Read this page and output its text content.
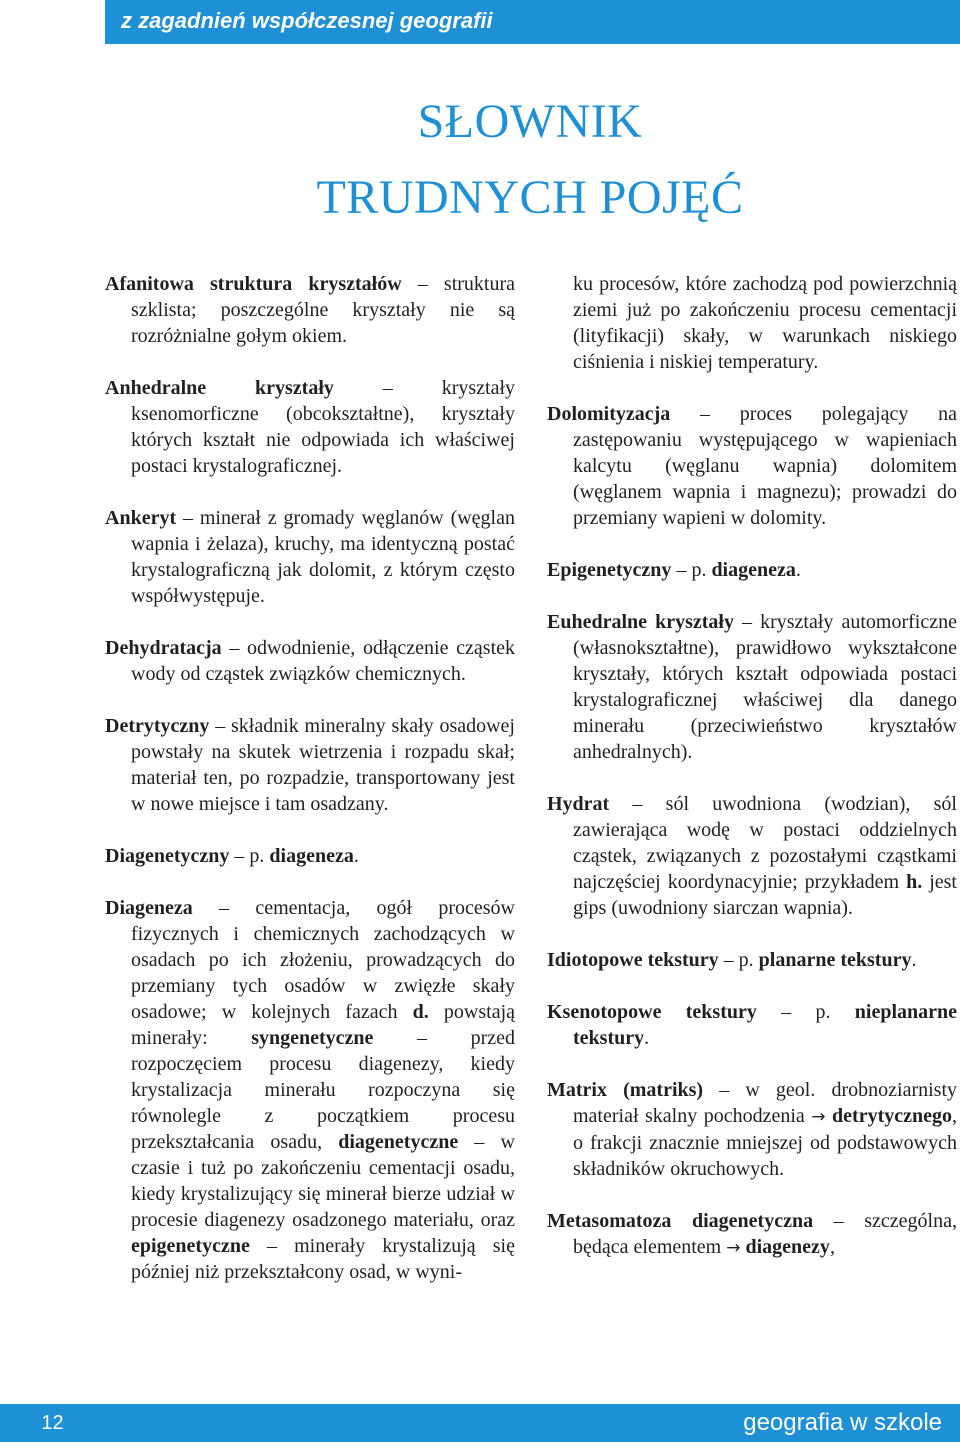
z zagadnień współczesnej geografii
SŁOWNIK
TRUDNYCH POJĘĆ

Afanitowa struktura kryształów – struktura szklista; poszczególne kryształy nie są rozróżnialne gołym okiem.

Anhedralne kryształy – kryształy ksenomorficzne (obcokształtne), kryształy których kształt nie odpowiada ich właściwej postaci krystalograficznej.

Ankeryt – minerał z gromady węglanów (węglan wapnia i żelaza), kruchy, ma identyczną postać krystalograficzną jak dolomit, z którym często współwystępuje.

Dehydratacja – odwodnienie, odłączenie cząstek wody od cząstek związków chemicznych.

Detrytyczny – składnik mineralny skały osadowej powstały na skutek wietrzenia i rozpadu skał; materiał ten, po rozpadzie, transportowany jest w nowe miejsce i tam osadzany.

Diagenetyczny – p. diageneza.

Diageneza – cementacja, ogół procesów fizycznych i chemicznych zachodzących w osadach po ich złożeniu, prowadzących do przemiany tych osadów w zwięzłe skały osadowe; w kolejnych fazach d. powstają minerały: syngenetyczne – przed rozpoczęciem procesu diagenezy, kiedy krystalizacja minerału rozpoczyna się równolegle z początkiem procesu przekształcania osadu, diagenetyczne – w czasie i tuż po zakończeniu cementacji osadu, kiedy krystalizujący się minerał bierze udział w procesie diagenezy osadzonego materiału, oraz epigenetyczne – minerały krystalizują się później niż przekształcony osad, w wyni-

ku procesów, które zachodzą pod powierzchnią ziemi już po zakończeniu procesu cementacji (lityfikacji) skały, w warunkach niskiego ciśnienia i niskiej temperatury.

Dolomityzacja – proces polegający na zastępowaniu występującego w wapieniach kalcytu (węglanu wapnia) dolomitem (węglanem wapnia i magnezu); prowadzi do przemiany wapieni w dolomity.

Epigenetyczny – p. diageneza.

Euhedralne kryształy – kryształy automorficzne (własnokształtne), prawidłowo wykształcone kryształy, których kształt odpowiada postaci krystalograficznej właściwej dla danego minerału (przeciwieństwo kryształów anhedralnych).

Hydrat – sól uwodniona (wodzian), sól zawierająca wodę w postaci oddzielnych cząstek, związanych z pozostałymi cząstkami najczęściej koordynacyjnie; przykładem h. jest gips (uwodniony siarczan wapnia).

Idiotopowe tekstury – p. planarne tekstury.

Ksenotopowe tekstury – p. nieplanarne tekstury.

Matrix (matriks) – w geol. drobnoziarnisty materiał skalny pochodzenia → detrytycznego, o frakcji znacznie mniejszej od podstawowych składników okruchowych.

Metasomatoza diagenetyczna – szczególna, będąca elementem → diagenezy,

12	geografia w szkole
